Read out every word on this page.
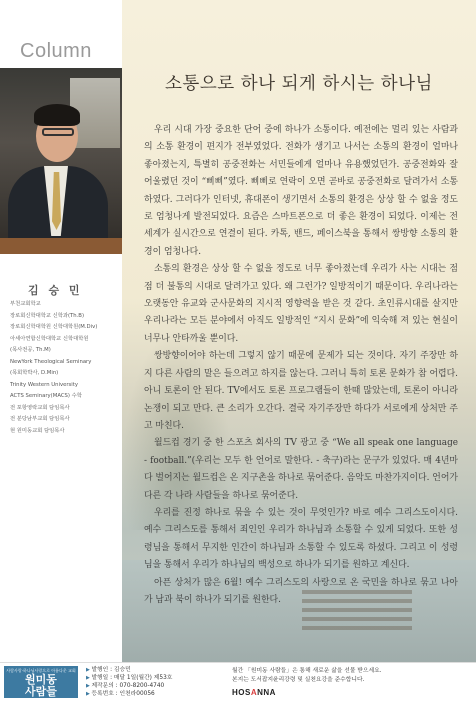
Column
김 승 민
부천교회학교
장로회신학대학교 신학과(Th.B)
장로회신학대학원 신학대학원(M.Div)
아세아연합신학대학교 신학대학원
(목사전공, Th.M)
NewYork Theological Seminary
(목회학박사, D.Min)
Trinity Western University
ACTS Seminary(MACS) 수학
전 포항영락교회 담임목사
전 분당남부교회 담임목사
현 원미동교회 담임목사
소통으로 하나 되게 하시는 하나님

우리 시대 가장 중요한 단어 중에 하나가 소통이다. 예전에는 멀리 있는 사람과의 소통 환경이 편지가 전부였었다. 전화가 생기고 나서는 소통의 환경이 얼마나 좋아졌는지, 특별히 공중전화는 서민들에게 얼마나 유용했었던가. 공중전화와 잘 어울렸던 것이 “삐삐”였다. 삐삐로 연락이 오면 곧바로 공중전화로 달려가서 소통하였다. 그러다가 인터넷, 휴대폰이 생기면서 소통의 환경은 상상 할 수 없을 정도로 엄청나게 발전되었다. 요즘은 스마트폰으로 더 좋은 환경이 되었다. 이제는 전 세계가 실시간으로 연결이 된다. 카톡, 밴드, 페이스북을 통해서 쌍방향 소통의 환경이 엄청나다.

소통의 환경은 상상 할 수 없을 정도로 너무 좋아졌는데 우리가 사는 시대는 점점 더 불통의 시대로 달려가고 있다. 왜 그런가? 일방적이기 때문이다. 우리나라는 오랫동안 유교와 군사문화의 지시적 영향력을 받은 것 같다. 초인류시대를 살지만 우리나라는 모든 분야에서 아직도 일방적인 “지시 문화”에 익숙해 져 있는 현실이 너무나 안타까울 뿐이다.

쌍방향이어야 하는데 그렇지 않기 때문에 문제가 되는 것이다. 자기 주장만 하지 다른 사람의 말은 들으려고 하지를 않는다. 그러니 특히 토론 문화가 참 어렵다. 아니 토론이 안 된다. TV에서도 토론 프로그램들이 한때 많았는데, 토론이 아니라 논쟁이 되고 만다. 큰 소리가 오간다. 결국 자기주장만 하다가 서로에게 상처만 주고 마친다.

월드컵 경기 중 한 스포츠 회사의 TV 광고 중 “We all speak one language - football.”(우리는 모두 한 언어로 말한다. - 축구)라는 문구가 있었다. 매 4년마다 벌어지는 월드컵은 온 지구촌을 하나로 묶어준다. 음악도 마찬가지이다. 언어가 다른 각 나라 사람들을 하나로 묶어준다.

우리를 진정 하나로 묶을 수 있는 것이 무엇인가? 바로 예수 그리스도이시다. 예수 그리스도를 통해서 죄인인 우리가 하나님과 소통할 수 있게 되었다. 또한 성령님을 통해서 무지한 인간이 하나님과 소통할 수 있도록 하셨다. 그리고 이 성령님을 통해서 우리가 하나님의 백성으로 하나가 되기를 원하고 계신다.

아픈 상처가 많은 6월! 예수 그리스도의 사랑으로 온 국민을 하나로 묶고 나아가 남과 북이 하나가 되기를 원한다.

사람사랑·하나님사랑으로 아름다운 교회
원미동
사람들
▶ 발행인 : 김승민
▶ 발행일 : 매달 1일(월간) 제53호
▶ 제작문의 : 070-8200-4740
▶ 등록번호 : 인천라00056
월간 「원미동 사람들」은 통해 새로운 삶을 선물 받으세요.
본지는 도서잡지윤리강령 및 실천요강을 준수합니다.
HOSANNA
